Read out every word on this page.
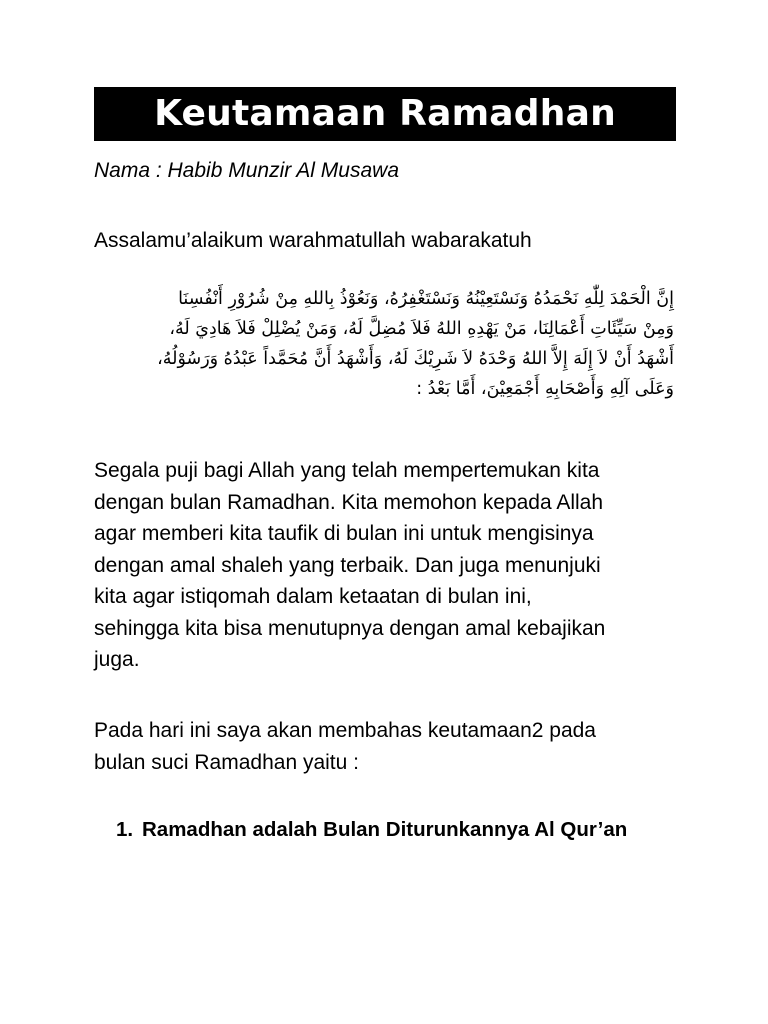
Keutamaan Ramadhan
Nama : Habib Munzir Al Musawa
Assalamu’alaikum warahmatullah wabarakatuh
إِنَّ الْحَمْدَ لِلّٰهِ نَحْمَدُهُ وَنَسْتَعِيْنُهُ وَنَسْتَغْفِرُهُ، وَنَعُوْذُ بِاللهِ مِنْ شُرُوْرِ أَنْفُسِنَا
وَمِنْ سَيِّئَاتِ أَعْمَالِنَا، مَنْ يَهْدِهِ اللهُ فَلاَ مُضِلَّ لَهُ، وَمَنْ يُضْلِلْ فَلاَ هَادِيَ لَهُ،
أَشْهَدُ أَنْ لاَ إِلَهَ إِلاَّ اللهُ وَحْدَهُ لاَ شَرِيْكَ لَهُ، وَأَشْهَدُ أَنَّ مُحَمَّداً عَبْدُهُ وَرَسُوْلُهُ،
وَعَلَى آلِهِ وَأَصْحَابِهِ أَجْمَعِيْنَ، أَمَّا بَعْدُ :
Segala puji bagi Allah yang telah mempertemukan kita
dengan bulan Ramadhan. Kita memohon kepada Allah
agar memberi kita taufik di bulan ini untuk mengisinya
dengan amal shaleh yang terbaik. Dan juga menunjuki
kita agar istiqomah dalam ketaatan di bulan ini,
sehingga kita bisa menutupnya dengan amal kebajikan
juga.
Pada hari ini saya akan membahas keutamaan2 pada
bulan suci Ramadhan yaitu :
1. Ramadhan adalah Bulan Diturunkannya Al Qur’an
